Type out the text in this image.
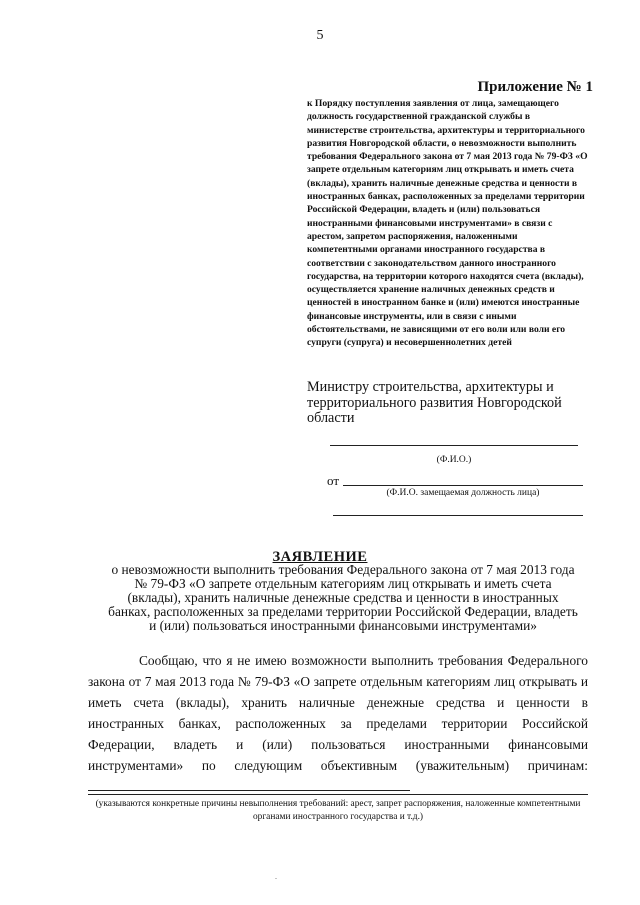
5
Приложение № 1

к Порядку поступления заявления от лица, замещающего должность государственной гражданской службы в министерстве строительства, архитектуры и территориального развития Новгородской области, о невозможности выполнить требования Федерального закона от 7 мая 2013 года № 79-ФЗ «О запрете отдельным категориям лиц открывать и иметь счета (вклады), хранить наличные денежные средства и ценности в иностранных банках, расположенных за пределами территории Российской Федерации, владеть и (или) пользоваться иностранными финансовыми инструментами» в связи с арестом, запретом распоряжения, наложенными компетентными органами иностранного государства в соответствии с законодательством данного иностранного государства, на территории которого находятся счета (вклады), осуществляется хранение наличных денежных средств и ценностей в иностранном банке и (или) имеются иностранные финансовые инструменты, или в связи с иными обстоятельствами, не зависящими от его воли или воли его супруги (супруга) и несовершеннолетних детей

Министру строительства, архитектуры и территориального развития Новгородской области

(Ф.И.О.)
от
(Ф.И.О. замещаемая должность лица)
ЗАЯВЛЕНИЕ

о невозможности выполнить требования Федерального закона от 7 мая 2013 года № 79-ФЗ «О запрете отдельным категориям лиц открывать и иметь счета (вклады), хранить наличные денежные средства и ценности в иностранных банках, расположенных за пределами территории Российской Федерации, владеть и (или) пользоваться иностранными финансовыми инструментами»

Сообщаю, что я не имею возможности выполнить требования Федерального закона от 7 мая 2013 года № 79-ФЗ «О запрете отдельным категориям лиц открывать и иметь счета (вклады), хранить наличные денежные средства и ценности в иностранных банках, расположенных за пределами территории Российской Федерации, владеть и (или) пользоваться иностранными финансовыми инструментами» по следующим объективным (уважительным) причинам:

(указываются конкретные причины невыполнения требований: арест, запрет распоряжения, наложенные компетентными органами иностранного государства и т.д.)

.
